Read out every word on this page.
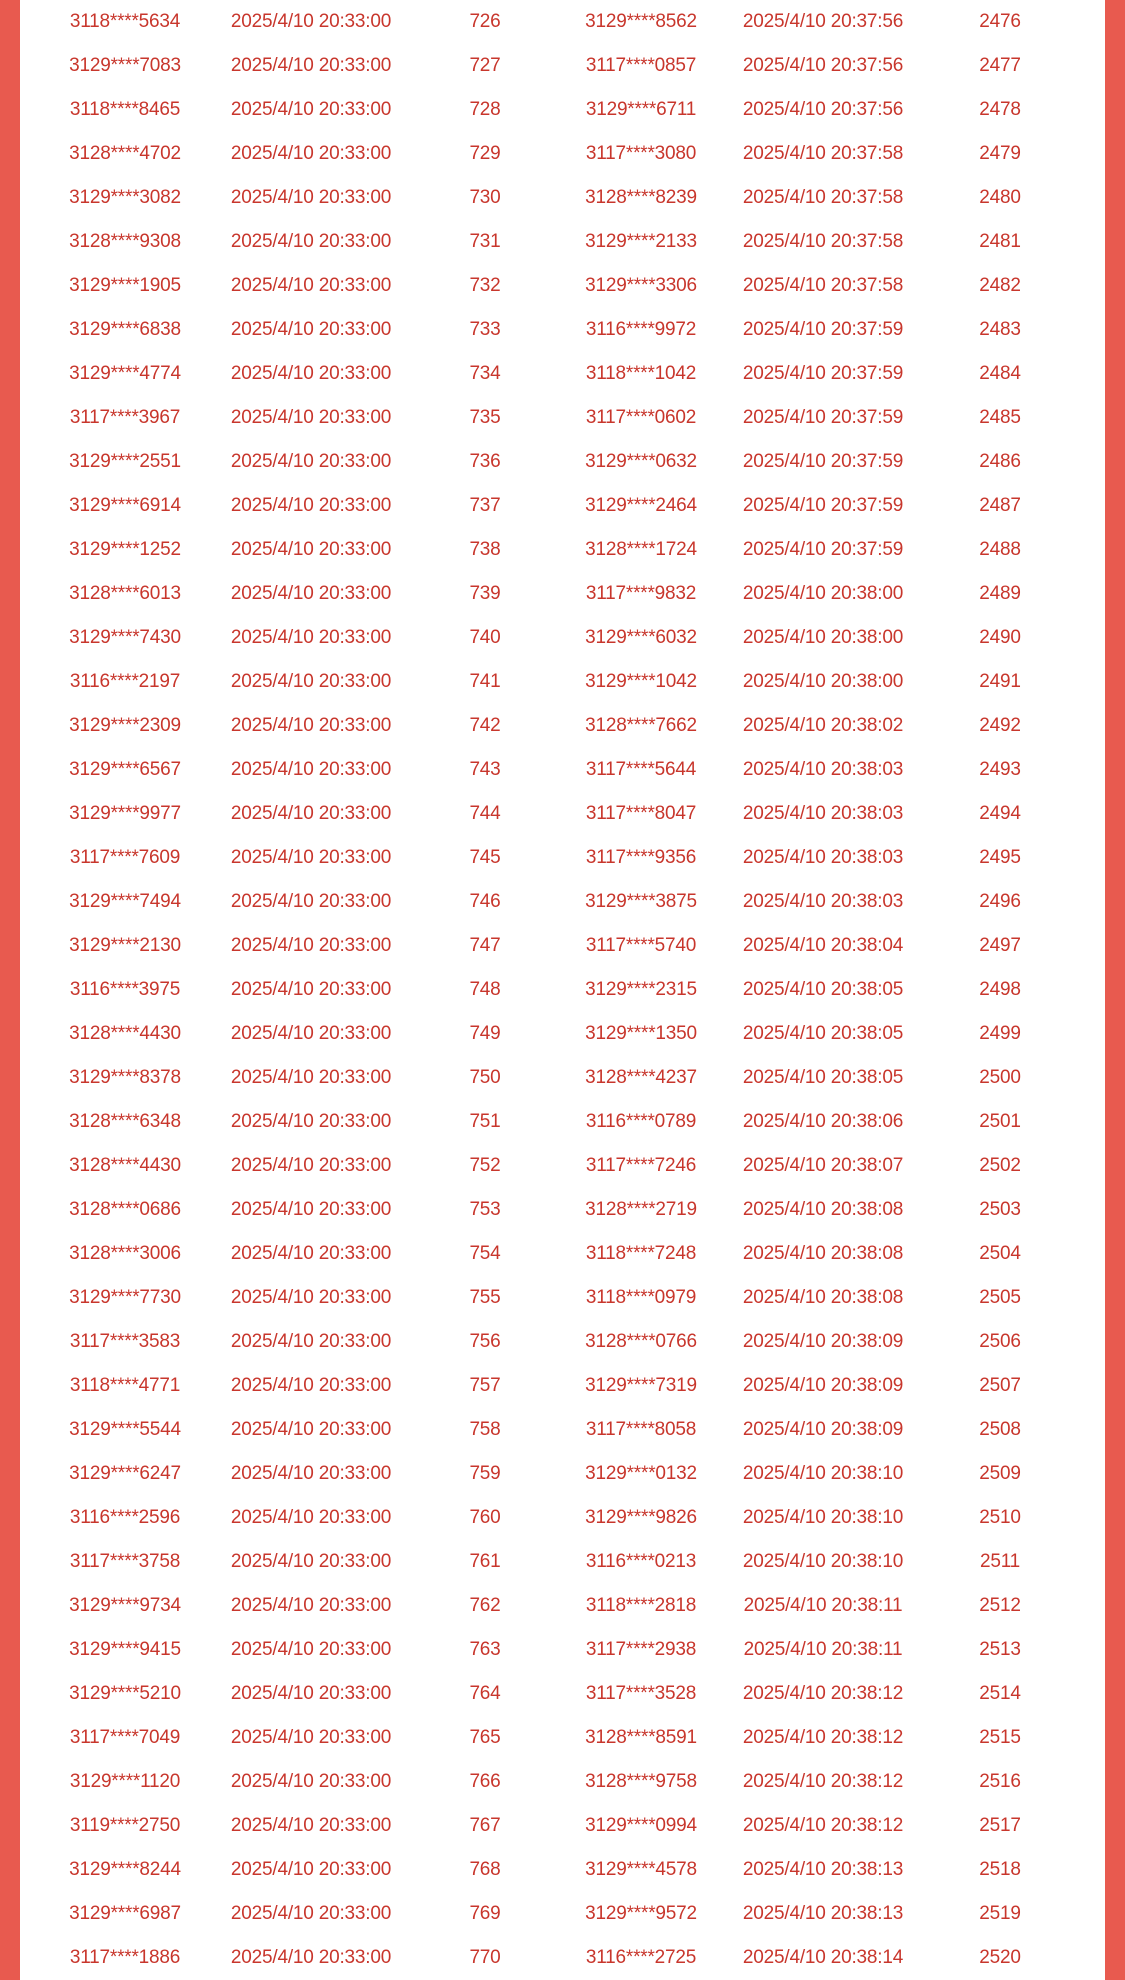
3118****5634	2025/4/10 20:33:00	726	3129****8562	2025/4/10 20:37:56	2476
3129****7083	2025/4/10 20:33:00	727	3117****0857	2025/4/10 20:37:56	2477
3118****8465	2025/4/10 20:33:00	728	3129****6711	2025/4/10 20:37:56	2478
3128****4702	2025/4/10 20:33:00	729	3117****3080	2025/4/10 20:37:58	2479
3129****3082	2025/4/10 20:33:00	730	3128****8239	2025/4/10 20:37:58	2480
3128****9308	2025/4/10 20:33:00	731	3129****2133	2025/4/10 20:37:58	2481
3129****1905	2025/4/10 20:33:00	732	3129****3306	2025/4/10 20:37:58	2482
3129****6838	2025/4/10 20:33:00	733	3116****9972	2025/4/10 20:37:59	2483
3129****4774	2025/4/10 20:33:00	734	3118****1042	2025/4/10 20:37:59	2484
3117****3967	2025/4/10 20:33:00	735	3117****0602	2025/4/10 20:37:59	2485
3129****2551	2025/4/10 20:33:00	736	3129****0632	2025/4/10 20:37:59	2486
3129****6914	2025/4/10 20:33:00	737	3129****2464	2025/4/10 20:37:59	2487
3129****1252	2025/4/10 20:33:00	738	3128****1724	2025/4/10 20:37:59	2488
3128****6013	2025/4/10 20:33:00	739	3117****9832	2025/4/10 20:38:00	2489
3129****7430	2025/4/10 20:33:00	740	3129****6032	2025/4/10 20:38:00	2490
3116****2197	2025/4/10 20:33:00	741	3129****1042	2025/4/10 20:38:00	2491
3129****2309	2025/4/10 20:33:00	742	3128****7662	2025/4/10 20:38:02	2492
3129****6567	2025/4/10 20:33:00	743	3117****5644	2025/4/10 20:38:03	2493
3129****9977	2025/4/10 20:33:00	744	3117****8047	2025/4/10 20:38:03	2494
3117****7609	2025/4/10 20:33:00	745	3117****9356	2025/4/10 20:38:03	2495
3129****7494	2025/4/10 20:33:00	746	3129****3875	2025/4/10 20:38:03	2496
3129****2130	2025/4/10 20:33:00	747	3117****5740	2025/4/10 20:38:04	2497
3116****3975	2025/4/10 20:33:00	748	3129****2315	2025/4/10 20:38:05	2498
3128****4430	2025/4/10 20:33:00	749	3129****1350	2025/4/10 20:38:05	2499
3129****8378	2025/4/10 20:33:00	750	3128****4237	2025/4/10 20:38:05	2500
3128****6348	2025/4/10 20:33:00	751	3116****0789	2025/4/10 20:38:06	2501
3128****4430	2025/4/10 20:33:00	752	3117****7246	2025/4/10 20:38:07	2502
3128****0686	2025/4/10 20:33:00	753	3128****2719	2025/4/10 20:38:08	2503
3128****3006	2025/4/10 20:33:00	754	3118****7248	2025/4/10 20:38:08	2504
3129****7730	2025/4/10 20:33:00	755	3118****0979	2025/4/10 20:38:08	2505
3117****3583	2025/4/10 20:33:00	756	3128****0766	2025/4/10 20:38:09	2506
3118****4771	2025/4/10 20:33:00	757	3129****7319	2025/4/10 20:38:09	2507
3129****5544	2025/4/10 20:33:00	758	3117****8058	2025/4/10 20:38:09	2508
3129****6247	2025/4/10 20:33:00	759	3129****0132	2025/4/10 20:38:10	2509
3116****2596	2025/4/10 20:33:00	760	3129****9826	2025/4/10 20:38:10	2510
3117****3758	2025/4/10 20:33:00	761	3116****0213	2025/4/10 20:38:10	2511
3129****9734	2025/4/10 20:33:00	762	3118****2818	2025/4/10 20:38:11	2512
3129****9415	2025/4/10 20:33:00	763	3117****2938	2025/4/10 20:38:11	2513
3129****5210	2025/4/10 20:33:00	764	3117****3528	2025/4/10 20:38:12	2514
3117****7049	2025/4/10 20:33:00	765	3128****8591	2025/4/10 20:38:12	2515
3129****1120	2025/4/10 20:33:00	766	3128****9758	2025/4/10 20:38:12	2516
3119****2750	2025/4/10 20:33:00	767	3129****0994	2025/4/10 20:38:12	2517
3129****8244	2025/4/10 20:33:00	768	3129****4578	2025/4/10 20:38:13	2518
3129****6987	2025/4/10 20:33:00	769	3129****9572	2025/4/10 20:38:13	2519
3117****1886	2025/4/10 20:33:00	770	3116****2725	2025/4/10 20:38:14	2520
